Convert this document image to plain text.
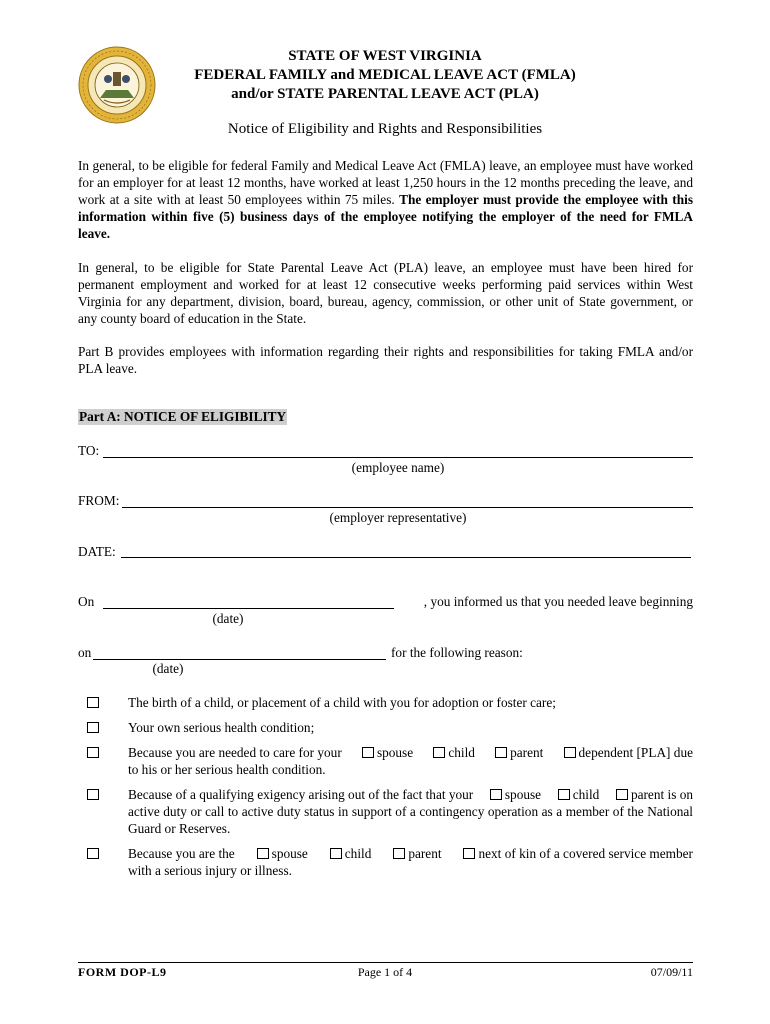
STATE OF WEST VIRGINIA
FEDERAL FAMILY and MEDICAL LEAVE ACT (FMLA)
and/or STATE PARENTAL LEAVE ACT (PLA)
Notice of Eligibility and Rights and Responsibilities

In general, to be eligible for federal Family and Medical Leave Act (FMLA) leave, an employee must have worked for an employer for at least 12 months, have worked at least 1,250 hours in the 12 months preceding the leave, and work at a site with at least 50 employees within 75 miles. The employer must provide the employee with this information within five (5) business days of the employee notifying the employer of the need for FMLA leave.

In general, to be eligible for State Parental Leave Act (PLA) leave, an employee must have been hired for permanent employment and worked for at least 12 consecutive weeks performing paid services within West Virginia for any department, division, board, bureau, agency, commission, or other unit of State government, or any county board of education in the State.

Part B provides employees with information regarding their rights and responsibilities for taking FMLA and/or PLA leave.

Part A: NOTICE OF ELIGIBILITY
TO:
(employee name)
FROM:
(employer representative)
DATE:
On	, you informed us that you needed leave beginning
(date)
on	for the following reason:
(date)
The birth of a child, or placement of a child with you for adoption or foster care;
Your own serious health condition;
Because you are needed to care for your	spouse	child	parent	dependent [PLA] due
to his or her serious health condition.
Because of a qualifying exigency arising out of the fact that your	spouse	child	parent is on
active duty or call to active duty status in support of a contingency operation as a member of the National Guard or Reserves.
Because you are the	spouse	child	parent	next of kin of a covered service member
with a serious injury or illness.
FORM DOP-L9	Page 1 of 4	07/09/11
